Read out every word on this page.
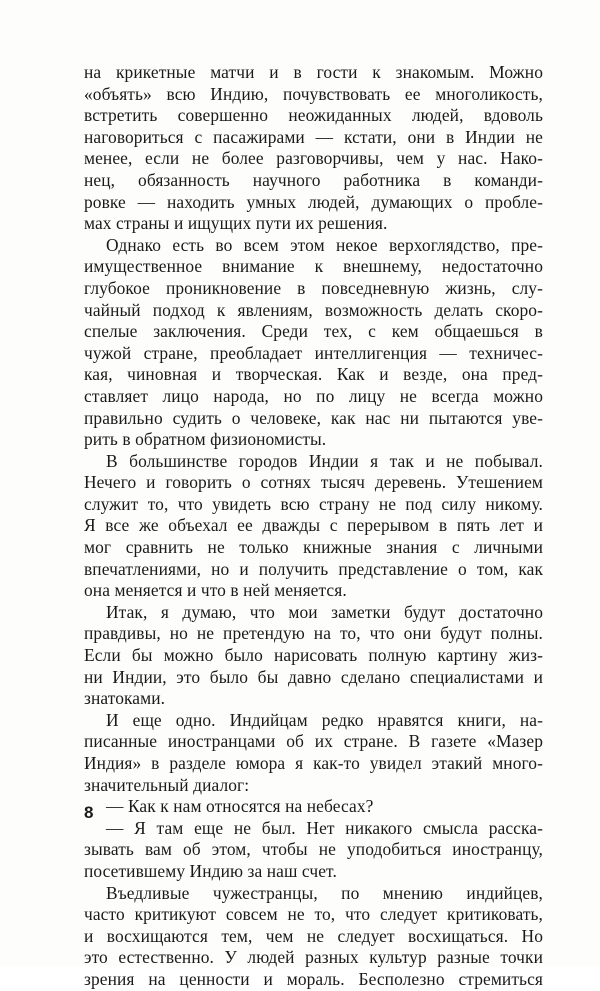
на крикетные матчи и в гости к знакомым. Можно
«объять» всю Индию, почувствовать ее многоликость,
встретить совершенно неожиданных людей, вдоволь
наговориться с пасажирами — кстати, они в Индии не
менее, если не более разговорчивы, чем у нас. Нако-
нец, обязанность научного работника в команди-
ровке — находить умных людей, думающих о пробле-
мах страны и ищущих пути их решения.
Однако есть во всем этом некое верхоглядство, пре-
имущественное внимание к внешнему, недостаточно
глубокое проникновение в повседневную жизнь, слу-
чайный подход к явлениям, возможность делать скоро-
спелые заключения. Среди тех, с кем общаешься в
чужой стране, преобладает интеллигенция — техничес-
кая, чиновная и творческая. Как и везде, она пред-
ставляет лицо народа, но по лицу не всегда можно
правильно судить о человеке, как нас ни пытаются уве-
рить в обратном физиономисты.
В большинстве городов Индии я так и не побывал.
Нечего и говорить о сотнях тысяч деревень. Утешением
служит то, что увидеть всю страну не под силу никому.
Я все же объехал ее дважды с перерывом в пять лет и
мог сравнить не только книжные знания с личными
впечатлениями, но и получить представление о том, как
она меняется и что в ней меняется.
Итак, я думаю, что мои заметки будут достаточно
правдивы, но не претендую на то, что они будут полны.
Если бы можно было нарисовать полную картину жиз-
ни Индии, это было бы давно сделано специалистами и
знатоками.
И еще одно. Индийцам редко нравятся книги, на-
писанные иностранцами об их стране. В газете «Мазер
Индия» в разделе юмора я как-то увидел этакий много-
значительный диалог:
— Как к нам относятся на небесах?
— Я там еще не был. Нет никакого смысла расска-
зывать вам об этом, чтобы не уподобиться иностранцу,
посетившему Индию за наш счет.
Въедливые чужестранцы, по мнению индийцев,
часто критикуют совсем не то, что следует критиковать,
и восхищаются тем, чем не следует восхищаться. Но
это естественно. У людей разных культур разные точки
зрения на ценности и мораль. Бесполезно стремиться
8
